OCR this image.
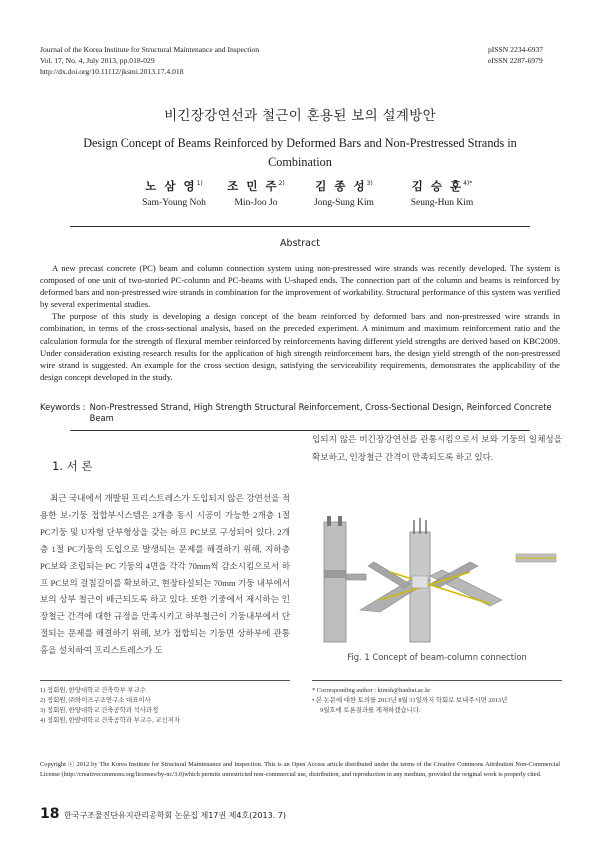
Journal of the Korea Institute for Structural Maintenance and Inspection
Vol. 17, No. 4, July 2013, pp.018-029
http://dx.doi.org/10.11112/jksmi.2013.17.4.018
pISSN 2234-6937
eISSN 2287-6979
비긴장강연선과 철근이 혼용된 보의 설계방안
Design Concept of Beams Reinforced by Deformed Bars and Non-Prestressed Strands in Combination
노 삼 영$^{1)}$
Sam-Young Noh
조 민 주$^{2)}$
Min-Joo Jo
김 종 성$^{3)}$
Jong-Sung Kim
김 승 훈$^{4)*}$
Seung-Hun Kim
Abstract

A new precast concrete (PC) beam and column connection system using non-prestressed wire strands was recently developed. The system is composed of one unit of two-storied PC-column and PC-beams with U-shaped ends. The connection part of the column and beams is reinforced by deformed bars and non-prestressed wire strands in combination for the improvement of workability. Structural performance of this system was verified by several experimental studies.

The purpose of this study is developing a design concept of the beam reinforced by deformed bars and non-prestressed wire strands in combination, in terms of the cross-sectional analysis, based on the preceded experiment. A minimum and maximum reinforcement ratio and the calculation formula for the strength of flexural member reinforced by reinforcements having different yield strengths are derived based on KBC2009. Under consideration existing research results for the application of high strength reinforcement bars, the design yield strength of the non-prestressed wire strand is suggested. An example for the cross section design, satisfying the serviceability requirements, demonstrates the applicability of the design concept developed in the study.

Keywords : Non-Prestressed Strand, High Strength Structural Reinforcement, Cross-Sectional Design, Reinforced Concrete Beam
1. 서 론

최근 국내에서 개발된 프리스트레스가 도입되지 않은 강연선을 적용한 보-기둥 접합부시스템은 2개층 동시 시공이 가능한 2개층 1절 PC기둥 및 U자형 단부형상을 갖는 하프 PC보로 구성되어 있다. 2개층 1절 PC기둥의 도입으로 발생되는 문제를 해결하기 위해, 지하층 PC보와 조립되는 PC 기둥의 4면을 각각 70mm씩 감소시킴으로서 하프 PC보의 걸침길이를 확보하고, 현장타설되는 70mm 기둥 내부에서 보의 상부 철근이 배근되도록 하고 있다. 또한 기중에서 제시하는 인장철근 간격에 대한 규정을 만족시키고 하부철근이 기둥내부에서 단절되는 문제를 해결하기 위해, 보가 접합되는 기둥면 상하부에 관통 홈을 설치하여 프리스트레스가 도

입되지 않은 비긴장강연선을 관통시킴으로서 보와 기둥의 일체성을 확보하고, 인장철근 간격이 만족되도록 하고 있다.

Fig. 1 Concept of beam-column connection
1) 정회원, 한양대학교 건축학부 부교수
2) 정회원, ㈜와이즈구조연구소 대표이사
3) 정회원, 한양대학교 건축공학과 석사과정
4) 정회원, 한밭대학교 건축공학과 부교수, 교신저자
* Corresponding author : kimsh@hanbat.ac.kr
• 본 논문에 대한 토의를 2013년 8월 31일까지 학회로 보내주시면 2013년
9월호에 토론결과를 게재하겠습니다.
Copyright ⓒ 2012 by The Korea Institute for Structural Maintenance and Inspection. This is an Open Access article distributed under the terms of the Creative Commons Attribution Non-Commercial License (http://creativecommons.org/licenses/by-nc/3.0)which permits unrestricted non-commercial use, distribution, and reproduction in any medium, provided the original work is properly cited.
18 한국구조물진단유지관리공학회 논문집 제17권 제4호(2013. 7)
